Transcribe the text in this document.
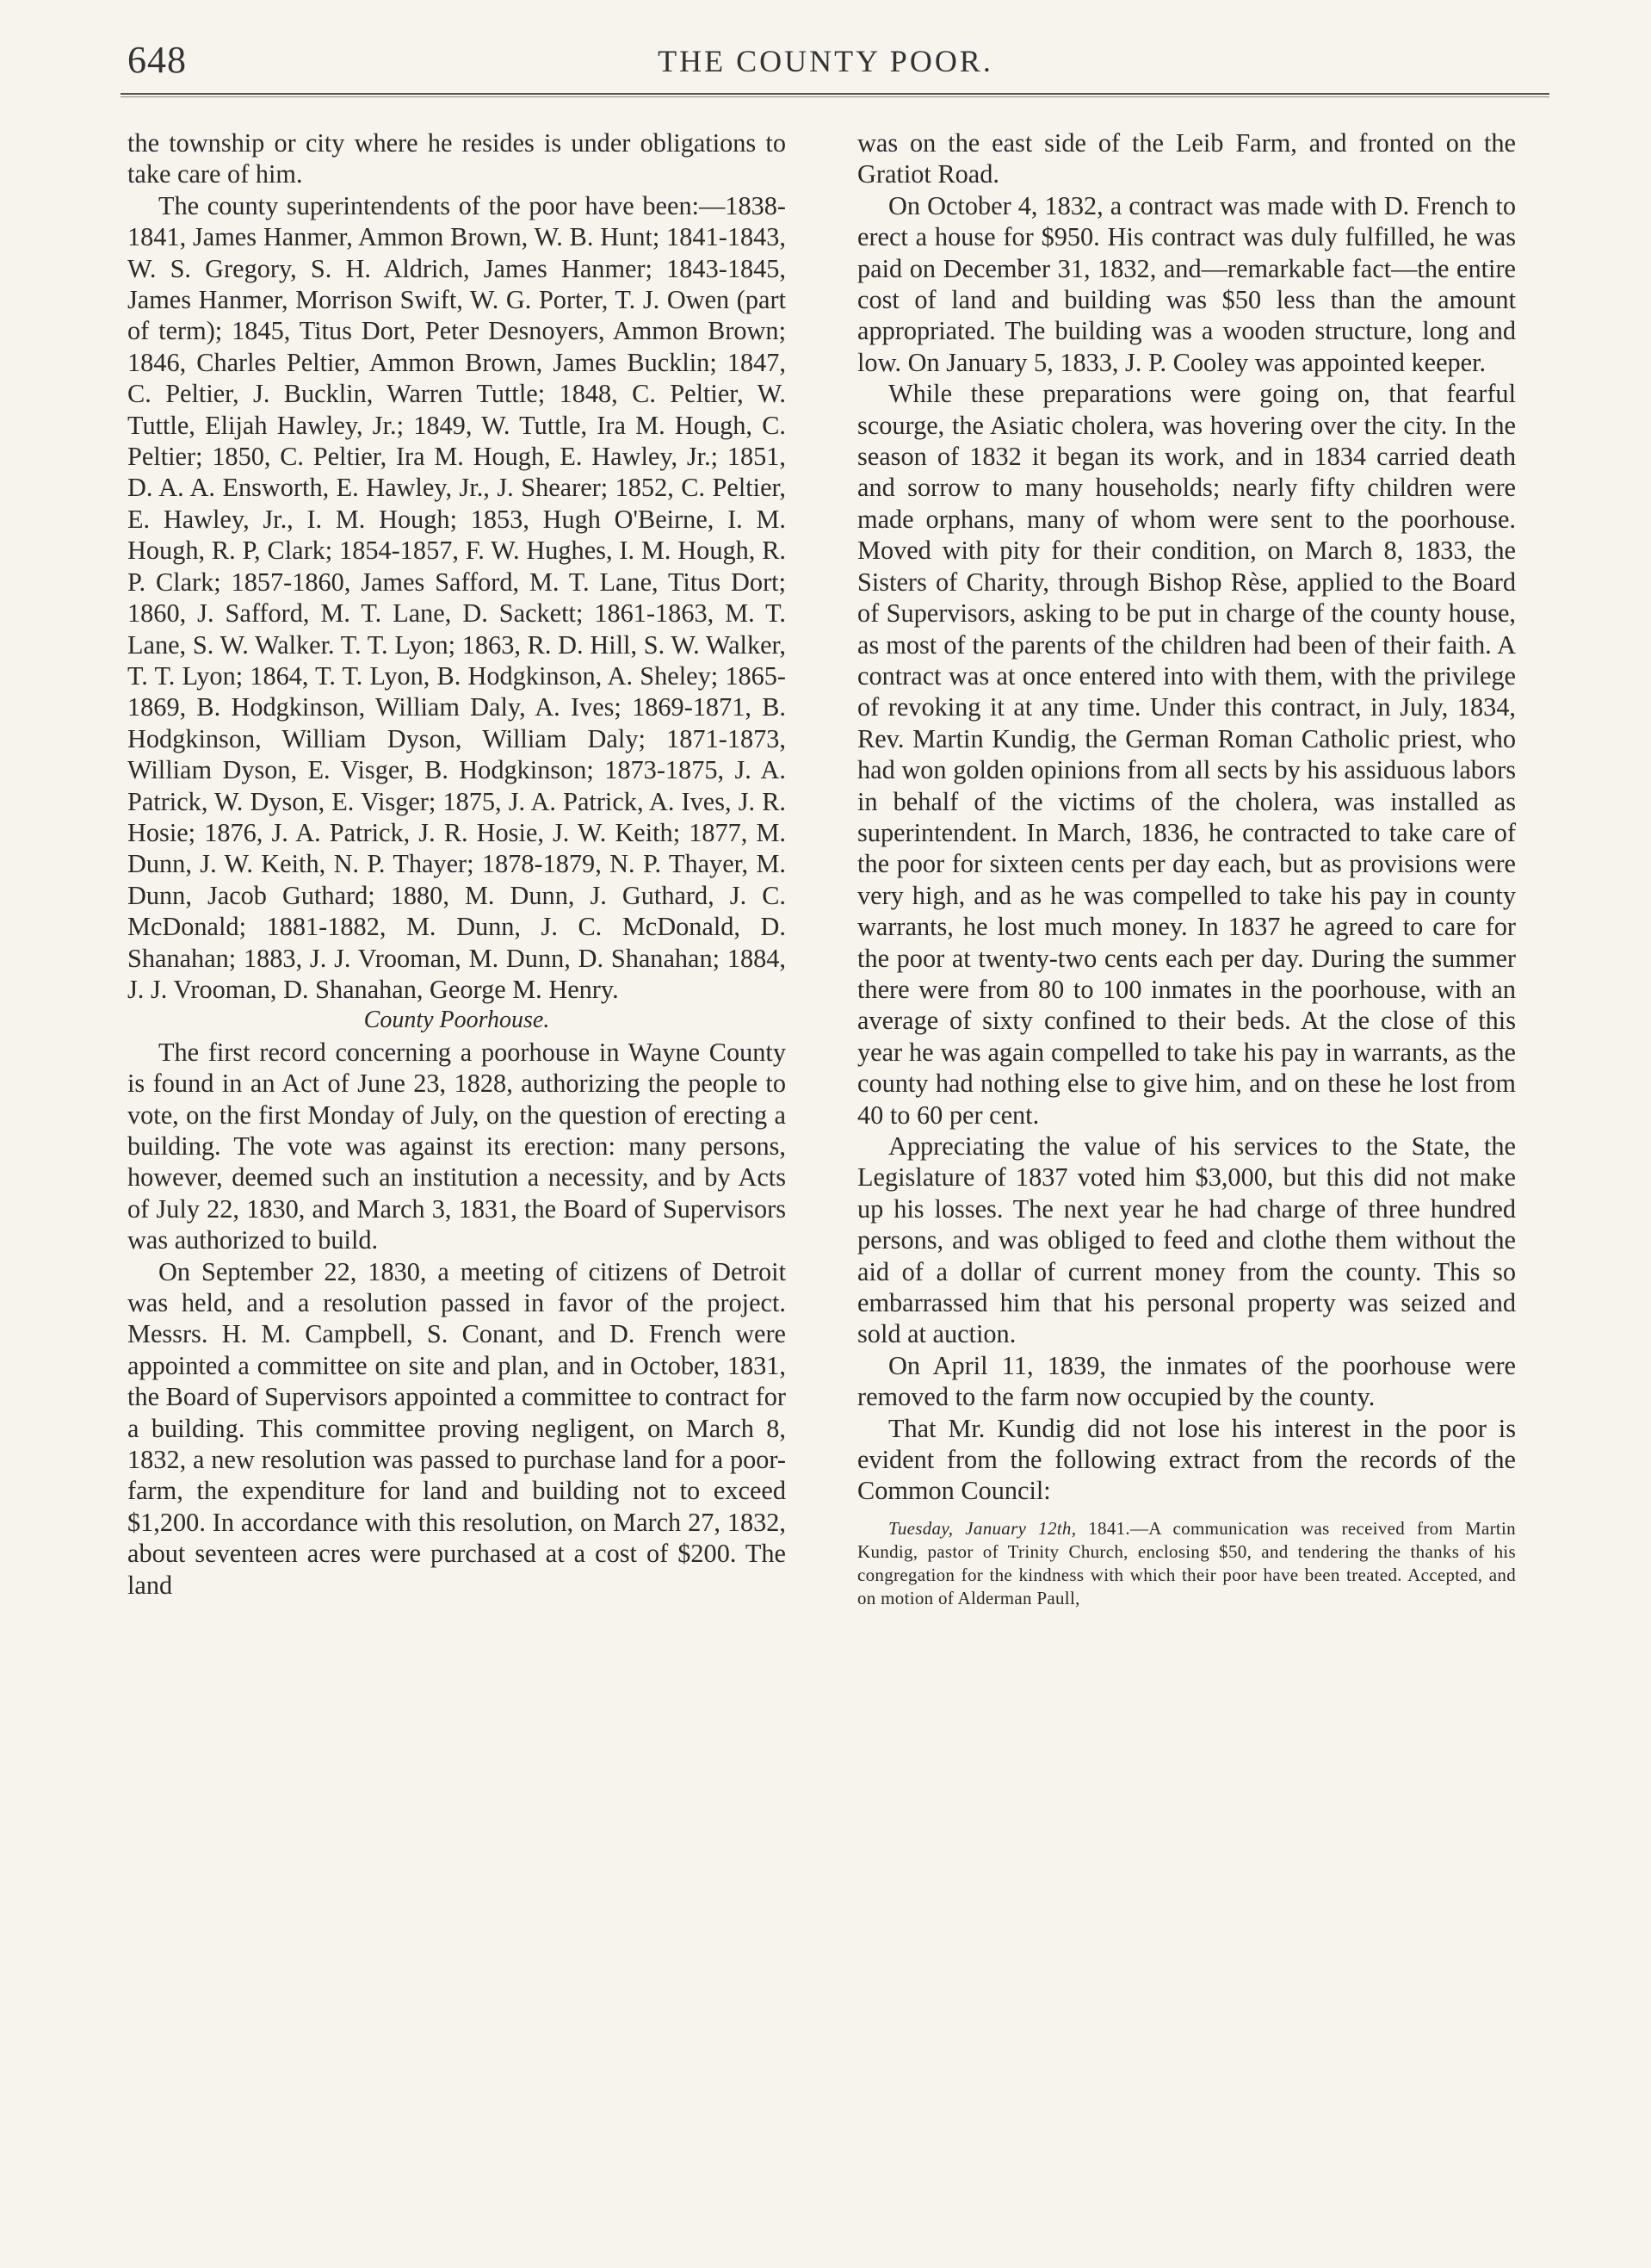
648	THE COUNTY POOR.

the township or city where he resides is under obligations to take care of him.

The county superintendents of the poor have been:—1838-1841, James Hanmer, Ammon Brown, W. B. Hunt; 1841-1843, W. S. Gregory, S. H. Aldrich, James Hanmer; 1843-1845, James Hanmer, Morrison Swift, W. G. Porter, T. J. Owen (part of term); 1845, Titus Dort, Peter Desnoyers, Ammon Brown; 1846, Charles Peltier, Ammon Brown, James Bucklin; 1847, C. Peltier, J. Bucklin, Warren Tuttle; 1848, C. Peltier, W. Tuttle, Elijah Hawley, Jr.; 1849, W. Tuttle, Ira M. Hough, C. Peltier; 1850, C. Peltier, Ira M. Hough, E. Hawley, Jr.; 1851, D. A. A. Ensworth, E. Hawley, Jr., J. Shearer; 1852, C. Peltier, E. Hawley, Jr., I. M. Hough; 1853, Hugh O'Beirne, I. M. Hough, R. P, Clark; 1854-1857, F. W. Hughes, I. M. Hough, R. P. Clark; 1857-1860, James Safford, M. T. Lane, Titus Dort; 1860, J. Safford, M. T. Lane, D. Sackett; 1861-1863, M. T. Lane, S. W. Walker. T. T. Lyon; 1863, R. D. Hill, S. W. Walker, T. T. Lyon; 1864, T. T. Lyon, B. Hodgkinson, A. Sheley; 1865-1869, B. Hodgkinson, William Daly, A. Ives; 1869-1871, B. Hodgkinson, William Dyson, William Daly; 1871-1873, William Dyson, E. Visger, B. Hodgkinson; 1873-1875, J. A. Patrick, W. Dyson, E. Visger; 1875, J. A. Patrick, A. Ives, J. R. Hosie; 1876, J. A. Patrick, J. R. Hosie, J. W. Keith; 1877, M. Dunn, J. W. Keith, N. P. Thayer; 1878-1879, N. P. Thayer, M. Dunn, Jacob Guthard; 1880, M. Dunn, J. Guthard, J. C. McDonald; 1881-1882, M. Dunn, J. C. McDonald, D. Shanahan; 1883, J. J. Vrooman, M. Dunn, D. Shanahan; 1884, J. J. Vrooman, D. Shanahan, George M. Henry.

County Poorhouse.

The first record concerning a poorhouse in Wayne County is found in an Act of June 23, 1828, authorizing the people to vote, on the first Monday of July, on the question of erecting a building. The vote was against its erection: many persons, however, deemed such an institution a necessity, and by Acts of July 22, 1830, and March 3, 1831, the Board of Supervisors was authorized to build.

On September 22, 1830, a meeting of citizens of Detroit was held, and a resolution passed in favor of the project. Messrs. H. M. Campbell, S. Conant, and D. French were appointed a committee on site and plan, and in October, 1831, the Board of Supervisors appointed a committee to contract for a building. This committee proving negligent, on March 8, 1832, a new resolution was passed to purchase land for a poor-farm, the expenditure for land and building not to exceed $1,200. In accordance with this resolution, on March 27, 1832, about seventeen acres were purchased at a cost of $200. The land

was on the east side of the Leib Farm, and fronted on the Gratiot Road.

On October 4, 1832, a contract was made with D. French to erect a house for $950. His contract was duly fulfilled, he was paid on December 31, 1832, and—remarkable fact—the entire cost of land and building was $50 less than the amount appropriated. The building was a wooden structure, long and low. On January 5, 1833, J. P. Cooley was appointed keeper.

While these preparations were going on, that fearful scourge, the Asiatic cholera, was hovering over the city. In the season of 1832 it began its work, and in 1834 carried death and sorrow to many households; nearly fifty children were made orphans, many of whom were sent to the poorhouse. Moved with pity for their condition, on March 8, 1833, the Sisters of Charity, through Bishop Rèse, applied to the Board of Supervisors, asking to be put in charge of the county house, as most of the parents of the children had been of their faith. A contract was at once entered into with them, with the privilege of revoking it at any time. Under this contract, in July, 1834, Rev. Martin Kundig, the German Roman Catholic priest, who had won golden opinions from all sects by his assiduous labors in behalf of the victims of the cholera, was installed as superintendent. In March, 1836, he contracted to take care of the poor for sixteen cents per day each, but as provisions were very high, and as he was compelled to take his pay in county warrants, he lost much money. In 1837 he agreed to care for the poor at twenty-two cents each per day. During the summer there were from 80 to 100 inmates in the poorhouse, with an average of sixty confined to their beds. At the close of this year he was again compelled to take his pay in warrants, as the county had nothing else to give him, and on these he lost from 40 to 60 per cent.

Appreciating the value of his services to the State, the Legislature of 1837 voted him $3,000, but this did not make up his losses. The next year he had charge of three hundred persons, and was obliged to feed and clothe them without the aid of a dollar of current money from the county. This so embarrassed him that his personal property was seized and sold at auction.

On April 11, 1839, the inmates of the poorhouse were removed to the farm now occupied by the county.

That Mr. Kundig did not lose his interest in the poor is evident from the following extract from the records of the Common Council:

Tuesday, January 12th, 1841.—A communication was received from Martin Kundig, pastor of Trinity Church, enclosing $50, and tendering the thanks of his congregation for the kindness with which their poor have been treated. Accepted, and on motion of Alderman Paull,
